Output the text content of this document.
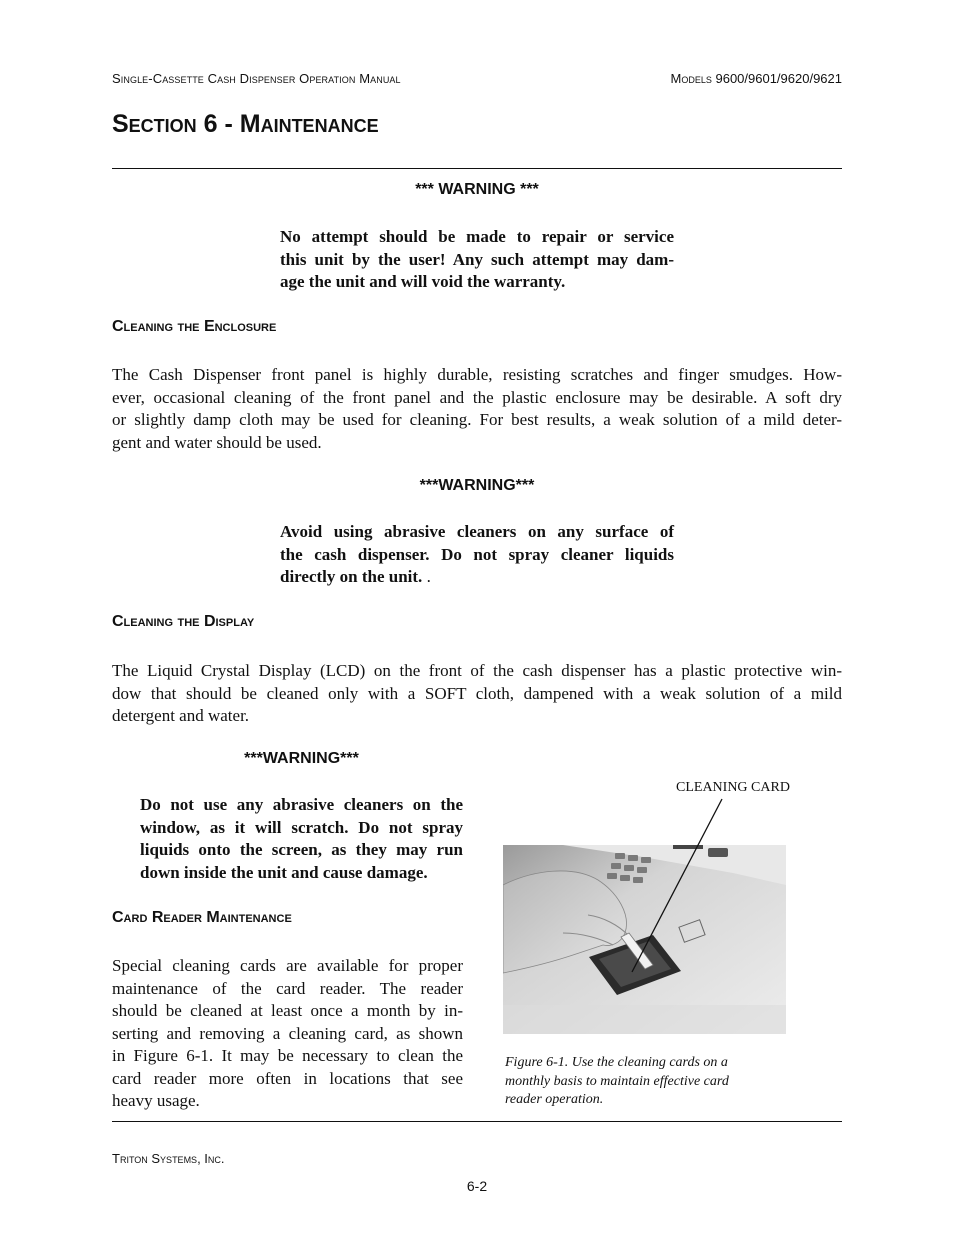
Single-Cassette Cash Dispenser Operation Manual	Models 9600/9601/9620/9621
Section 6 - Maintenance
*** WARNING ***
No attempt should be made to repair or service
this unit by the user! Any such attempt may dam-
age the unit and will void the warranty.
Cleaning the Enclosure
The Cash Dispenser front panel is highly durable, resisting scratches and finger smudges. How-
ever, occasional cleaning of the front panel and the plastic enclosure may be desirable. A soft dry
or slightly damp cloth may be used for cleaning. For best results, a weak solution of a mild deter-
gent and water should be used.
***WARNING***
Avoid using abrasive cleaners on any surface of
the cash dispenser. Do not spray cleaner liquids
directly on the unit. .
Cleaning the Display
The Liquid Crystal Display (LCD) on the front of the cash dispenser has a plastic protective win-
dow that should be cleaned only with a SOFT cloth, dampened with a weak solution of a mild
detergent and water.
***WARNING***
Do not use any abrasive cleaners on the
window, as it will scratch. Do not spray
liquids onto the screen, as they may run
down inside the unit and cause damage.
Card Reader Maintenance
Special cleaning cards are available for proper
maintenance of the card reader. The reader
should be cleaned at least once a month by in-
serting and removing a cleaning card, as shown
in Figure 6-1. It may be necessary to clean the
card reader more often in locations that see
heavy usage.
CLEANING CARD
Figure 6-1. Use the cleaning cards on a
monthly basis to maintain effective card
reader operation.
Triton Systems, Inc.
6-2
